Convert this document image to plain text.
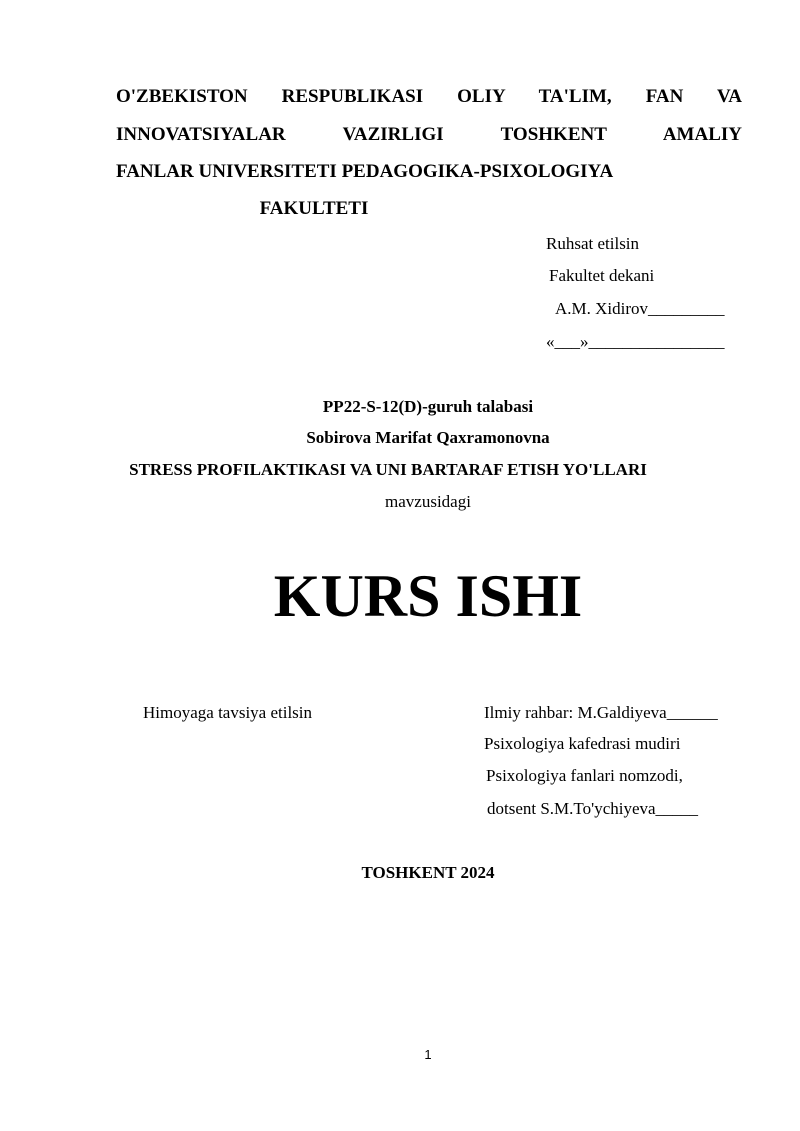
O'ZBEKISTON RESPUBLIKASI OLIY TA'LIM, FAN VA
INNOVATSIYALAR VAZIRLIGI TOSHKENT AMALIY
FANLAR UNIVERSITETI PEDAGOGIKA-PSIXOLOGIYA
FAKULTETI
Ruhsat etilsin
Fakultet dekani
A.M. Xidirov_________
«___»________________
PP22-S-12(D)-guruh talabasi
Sobirova Marifat Qaxramonovna
STRESS PROFILAKTIKASI VA UNI BARTARAF ETISH YO'LLARI
mavzusidagi
KURS ISHI
Himoyaga tavsiya etilsin	Ilmiy rahbar: M.Galdiyeva______
Psixologiya kafedrasi mudiri
Psixologiya fanlari nomzodi,
dotsent S.M.To'ychiyeva_____
TOSHKENT 2024
1
